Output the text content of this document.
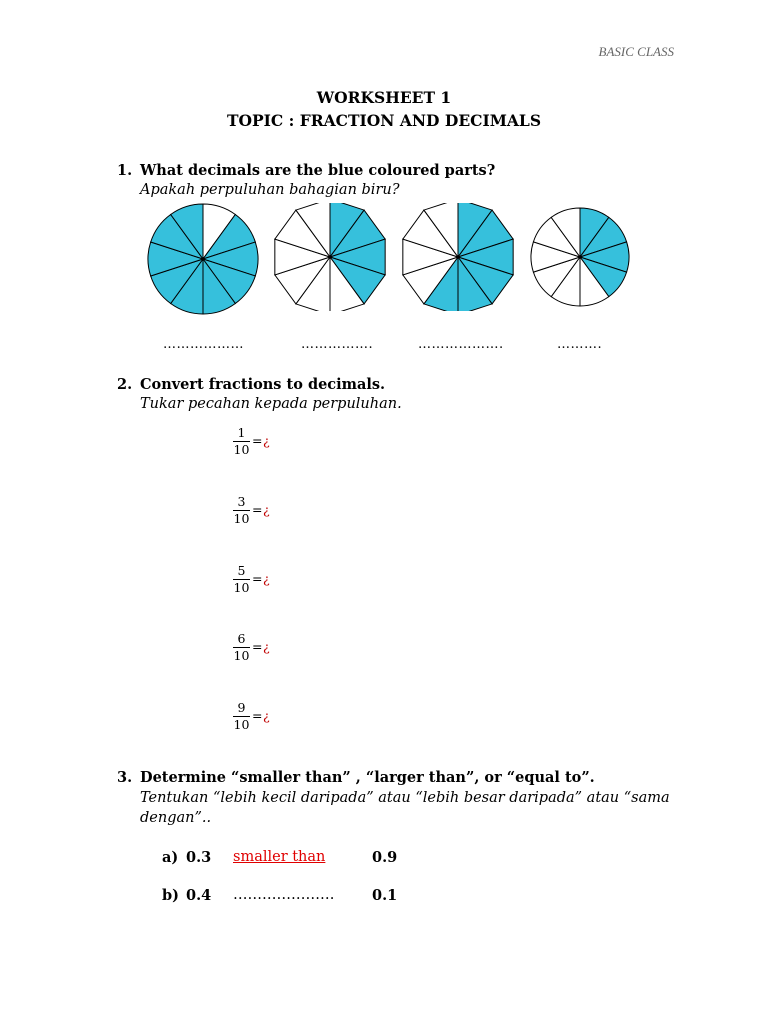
BASIC CLASS
WORKSHEET 1
TOPIC : FRACTION AND DECIMALS
1. What decimals are the blue coloured parts?
Apakah perpuluhan bahagian biru?
………………	…………….	……………….	……….
2. Convert fractions to decimals.
Tukar pecahan kepada perpuluhan.
1
10
= ¿
3
10
= ¿
5
10
= ¿
6
10
= ¿
9
10
= ¿
3. Determine “smaller than” , “larger than”, or “equal to”.
Tentukan “lebih kecil daripada” atau “lebih besar daripada” atau “sama
dengan”..
a) 0.3 smaller than	0.9
b) 0.4 …………………	0.1
